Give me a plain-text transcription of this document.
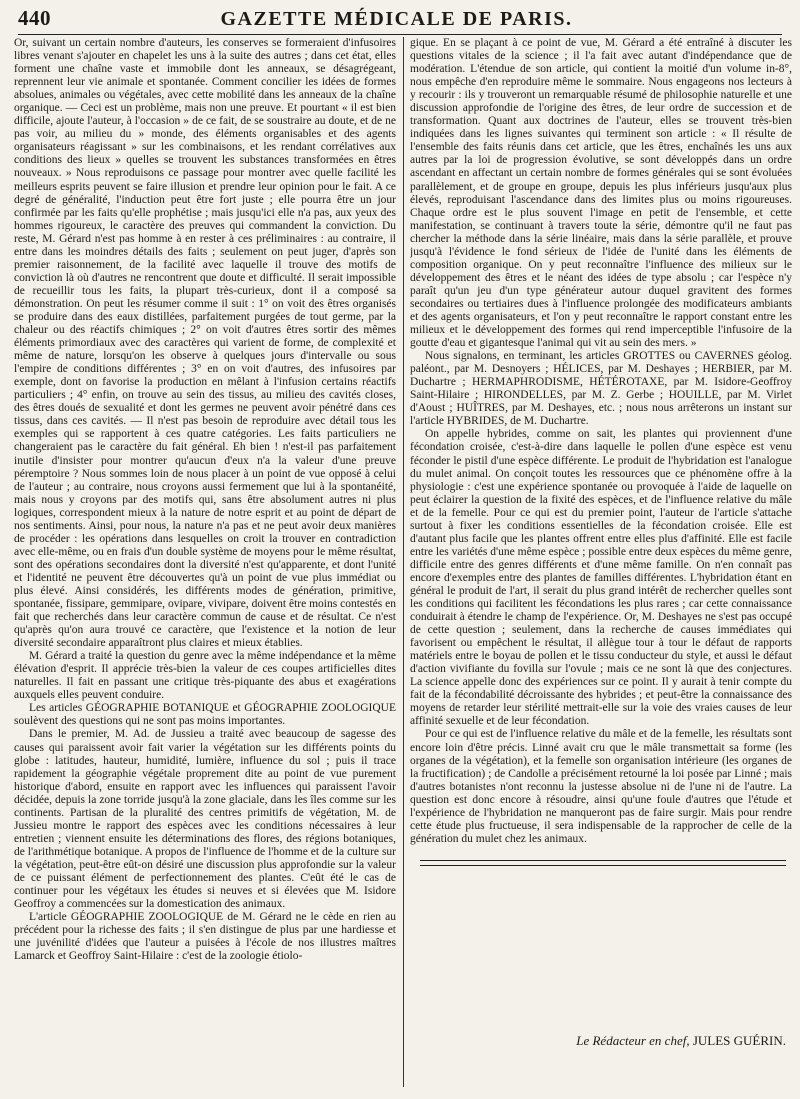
440	GAZETTE MÉDICALE DE PARIS.

Or, suivant un certain nombre d'auteurs, les conserves se formeraient d'infusoires libres venant s'ajouter en chapelet les uns à la suite des autres ; dans cet état, elles forment une chaîne vaste et immobile dont les anneaux, se désagrégeant, reprennent leur vie animale et spontanée. Comment concilier les idées de formes absolues, animales ou végétales, avec cette mobilité dans les anneaux de la chaîne organique. — Ceci est un problème, mais non une preuve. Et pourtant « il est bien difficile, ajoute l'auteur, à l'occasion » de ce fait, de se soustraire au doute, et de ne pas voir, au milieu du » monde, des éléments organisables et des agents organisateurs réagissant » sur les combinaisons, et les rendant corrélatives aux conditions des lieux » quelles se trouvent les substances transformées en êtres nouveaux. » Nous reproduisons ce passage pour montrer avec quelle facilité les meilleurs esprits peuvent se faire illusion et prendre leur opinion pour le fait. A ce degré de généralité, l'induction peut être fort juste ; elle pourra être un jour confirmée par les faits qu'elle prophétise ; mais jusqu'ici elle n'a pas, aux yeux des hommes rigoureux, le caractère des preuves qui commandent la conviction. Du reste, M. Gérard n'est pas homme à en rester à ces préliminaires : au contraire, il entre dans les moindres détails des faits ; seulement on peut juger, d'après son premier raisonnement, de la facilité avec laquelle il trouve des motifs de conviction là où d'autres ne rencontrent que doute et difficulté. Il serait impossible de recueillir tous les faits, la plupart très-curieux, dont il a composé sa démonstration. On peut les résumer comme il suit : 1° on voit des êtres organisés se produire dans des eaux distillées, parfaitement purgées de tout germe, par la chaleur ou des réactifs chimiques ; 2° on voit d'autres êtres sortir des mêmes éléments primordiaux avec des caractères qui varient de forme, de complexité et même de nature, lorsqu'on les observe à quelques jours d'intervalle ou sous l'empire de conditions différentes ; 3° en on voit d'autres, des infusoires par exemple, dont on favorise la production en mêlant à l'infusion certains réactifs particuliers ; 4° enfin, on trouve au sein des tissus, au milieu des cavités closes, des êtres doués de sexualité et dont les germes ne peuvent avoir pénétré dans ces tissus, dans ces cavités. — Il n'est pas besoin de reproduire avec détail tous les exemples qui se rapportent à ces quatre catégories. Les faits particuliers ne changeraient pas le caractère du fait général. Eh bien ! n'est-il pas parfaitement inutile d'insister pour montrer qu'aucun d'eux n'a la valeur d'une preuve péremptoire ? Nous sommes loin de nous placer à un point de vue opposé à celui de l'auteur ; au contraire, nous croyons aussi fermement que lui à la spontanéité, mais nous y croyons par des motifs qui, sans être absolument autres ni plus logiques, correspondent mieux à la nature de notre esprit et au point de départ de nos sentiments. Ainsi, pour nous, la nature n'a pas et ne peut avoir deux manières de procéder : les opérations dans lesquelles on croit la trouver en contradiction avec elle-même, ou en frais d'un double système de moyens pour le même résultat, sont des opérations secondaires dont la diversité n'est qu'apparente, et dont l'unité et l'identité ne peuvent être découvertes qu'à un point de vue plus immédiat ou plus élevé. Ainsi considérés, les différents modes de génération, primitive, spontanée, fissipare, gemmipare, ovipare, vivipare, doivent être moins contestés en fait que recherchés dans leur caractère commun de cause et de résultat. Ce n'est qu'après qu'on aura trouvé ce caractère, que l'existence et la notion de leur diversité secondaire apparaîtront plus claires et mieux établies.

M. Gérard a traité la question du genre avec la même indépendance et la même élévation d'esprit. Il apprécie très-bien la valeur de ces coupes artificielles dites naturelles. Il fait en passant une critique très-piquante des abus et exagérations auxquels elles peuvent conduire.

Les articles GÉOGRAPHIE BOTANIQUE et GÉOGRAPHIE ZOOLOGIQUE soulèvent des questions qui ne sont pas moins importantes.

Dans le premier, M. Ad. de Jussieu a traité avec beaucoup de sagesse des causes qui paraissent avoir fait varier la végétation sur les différents points du globe : latitudes, hauteur, humidité, lumière, influence du sol ; puis il trace rapidement la géographie végétale proprement dite au point de vue purement historique d'abord, ensuite en rapport avec les influences qui paraissent l'avoir décidée, depuis la zone torride jusqu'à la zone glaciale, dans les îles comme sur les continents. Partisan de la pluralité des centres primitifs de végétation, M. de Jussieu montre le rapport des espèces avec les conditions nécessaires à leur entretien ; viennent ensuite les déterminations des flores, des régions botaniques, de l'arithmétique botanique. A propos de l'influence de l'homme et de la culture sur la végétation, peut-être eût-on désiré une discussion plus approfondie sur la valeur de ce puissant élément de perfectionnement des plantes. C'eût été le cas de continuer pour les végétaux les études si neuves et si élevées que M. Isidore Geoffroy a commencées sur la domestication des animaux.

L'article GÉOGRAPHIE ZOOLOGIQUE de M. Gérard ne le cède en rien au précédent pour la richesse des faits ; il s'en distingue de plus par une hardiesse et une juvénilité d'idées que l'auteur a puisées à l'école de nos illustres maîtres Lamarck et Geoffroy Saint-Hilaire : c'est de la zoologie étiolo-

gique. En se plaçant à ce point de vue, M. Gérard a été entraîné à discuter les questions vitales de la science ; il l'a fait avec autant d'indépendance que de modération. L'étendue de son article, qui contient la moitié d'un volume in-8°, nous empêche d'en reproduire même le sommaire. Nous engageons nos lecteurs à y recourir : ils y trouveront un remarquable résumé de philosophie naturelle et une discussion approfondie de l'origine des êtres, de leur ordre de succession et de transformation. Quant aux doctrines de l'auteur, elles se trouvent très-bien indiquées dans les lignes suivantes qui terminent son article : « Il résulte de l'ensemble des faits réunis dans cet article, que les êtres, enchaînés les uns aux autres par la loi de progression évolutive, se sont développés dans un ordre ascendant en affectant un certain nombre de formes générales qui se sont évoluées parallèlement, et de groupe en groupe, depuis les plus inférieurs jusqu'aux plus élevés, reproduisant l'ascendance dans des limites plus ou moins rigoureuses. Chaque ordre est le plus souvent l'image en petit de l'ensemble, et cette manifestation, se continuant à travers toute la série, démontre qu'il ne faut pas chercher la méthode dans la série linéaire, mais dans la série parallèle, et prouve jusqu'à l'évidence le fond sérieux de l'idée de l'unité dans les éléments de composition organique. On y peut reconnaître l'influence des milieux sur le développement des êtres et le néant des idées de type absolu ; car l'espèce n'y paraît qu'un jeu d'un type générateur autour duquel gravitent des formes secondaires ou tertiaires dues à l'influence prolongée des modificateurs ambiants et des agents organisateurs, et l'on y peut reconnaître le rapport constant entre les milieux et le développement des formes qui rend imperceptible l'infusoire de la goutte d'eau et gigantesque l'animal qui vit au sein des mers. »

Nous signalons, en terminant, les articles GROTTES ou CAVERNES géolog. paléont., par M. Desnoyers ; HÉLICES, par M. Deshayes ; HERBIER, par M. Duchartre ; HERMAPHRODISME, HÉTÉROTAXE, par M. Isidore-Geoffroy Saint-Hilaire ; HIRONDELLES, par M. Z. Gerbe ; HOUILLE, par M. Virlet d'Aoust ; HUÎTRES, par M. Deshayes, etc. ; nous nous arrêterons un instant sur l'article HYBRIDES, de M. Duchartre.

On appelle hybrides, comme on sait, les plantes qui proviennent d'une fécondation croisée, c'est-à-dire dans laquelle le pollen d'une espèce est venu féconder le pistil d'une espèce différente. Le produit de l'hybridation est l'analogue du mulet animal. On conçoit toutes les ressources que ce phénomène offre à la physiologie : c'est une expérience spontanée ou provoquée à l'aide de laquelle on peut éclairer la question de la fixité des espèces, et de l'influence relative du mâle et de la femelle. Pour ce qui est du premier point, l'auteur de l'article s'attache surtout à fixer les conditions essentielles de la fécondation croisée. Elle est d'autant plus facile que les plantes offrent entre elles plus d'affinité. Elle est facile entre les variétés d'une même espèce ; possible entre deux espèces du même genre, difficile entre des genres différents et d'une même famille. On n'en connaît pas encore d'exemples entre des plantes de familles différentes. L'hybridation étant en général le produit de l'art, il serait du plus grand intérêt de rechercher quelles sont les conditions qui facilitent les fécondations les plus rares ; car cette connaissance conduirait à étendre le champ de l'expérience. Or, M. Deshayes ne s'est pas occupé de cette question ; seulement, dans la recherche de causes immédiates qui favorisent ou empêchent le résultat, il allègue tour à tour le défaut de rapports matériels entre le boyau de pollen et le tissu conducteur du style, et aussi le défaut d'action vivifiante du fovilla sur l'ovule ; mais ce ne sont là que des conjectures. La science appelle donc des expériences sur ce point. Il y aurait à tenir compte du fait de la fécondabilité décroissante des hybrides ; et peut-être la connaissance des moyens de retarder leur stérilité mettrait-elle sur la voie des vraies causes de leur affinité sexuelle et de leur fécondation.

Pour ce qui est de l'influence relative du mâle et de la femelle, les résultats sont encore loin d'être précis. Linné avait cru que le mâle transmettait sa forme (les organes de la végétation), et la femelle son organisation intérieure (les organes de la fructification) ; de Candolle a précisément retourné la loi posée par Linné ; mais d'autres botanistes n'ont reconnu la justesse absolue ni de l'une ni de l'autre. La question est donc encore à résoudre, ainsi qu'une foule d'autres que l'étude et l'expérience de l'hybridation ne manqueront pas de faire surgir. Mais pour rendre cette étude plus fructueuse, il sera indispensable de la rapprocher de celle de la génération du mulet chez les animaux.

Le Rédacteur en chef, JULES GUÉRIN.
